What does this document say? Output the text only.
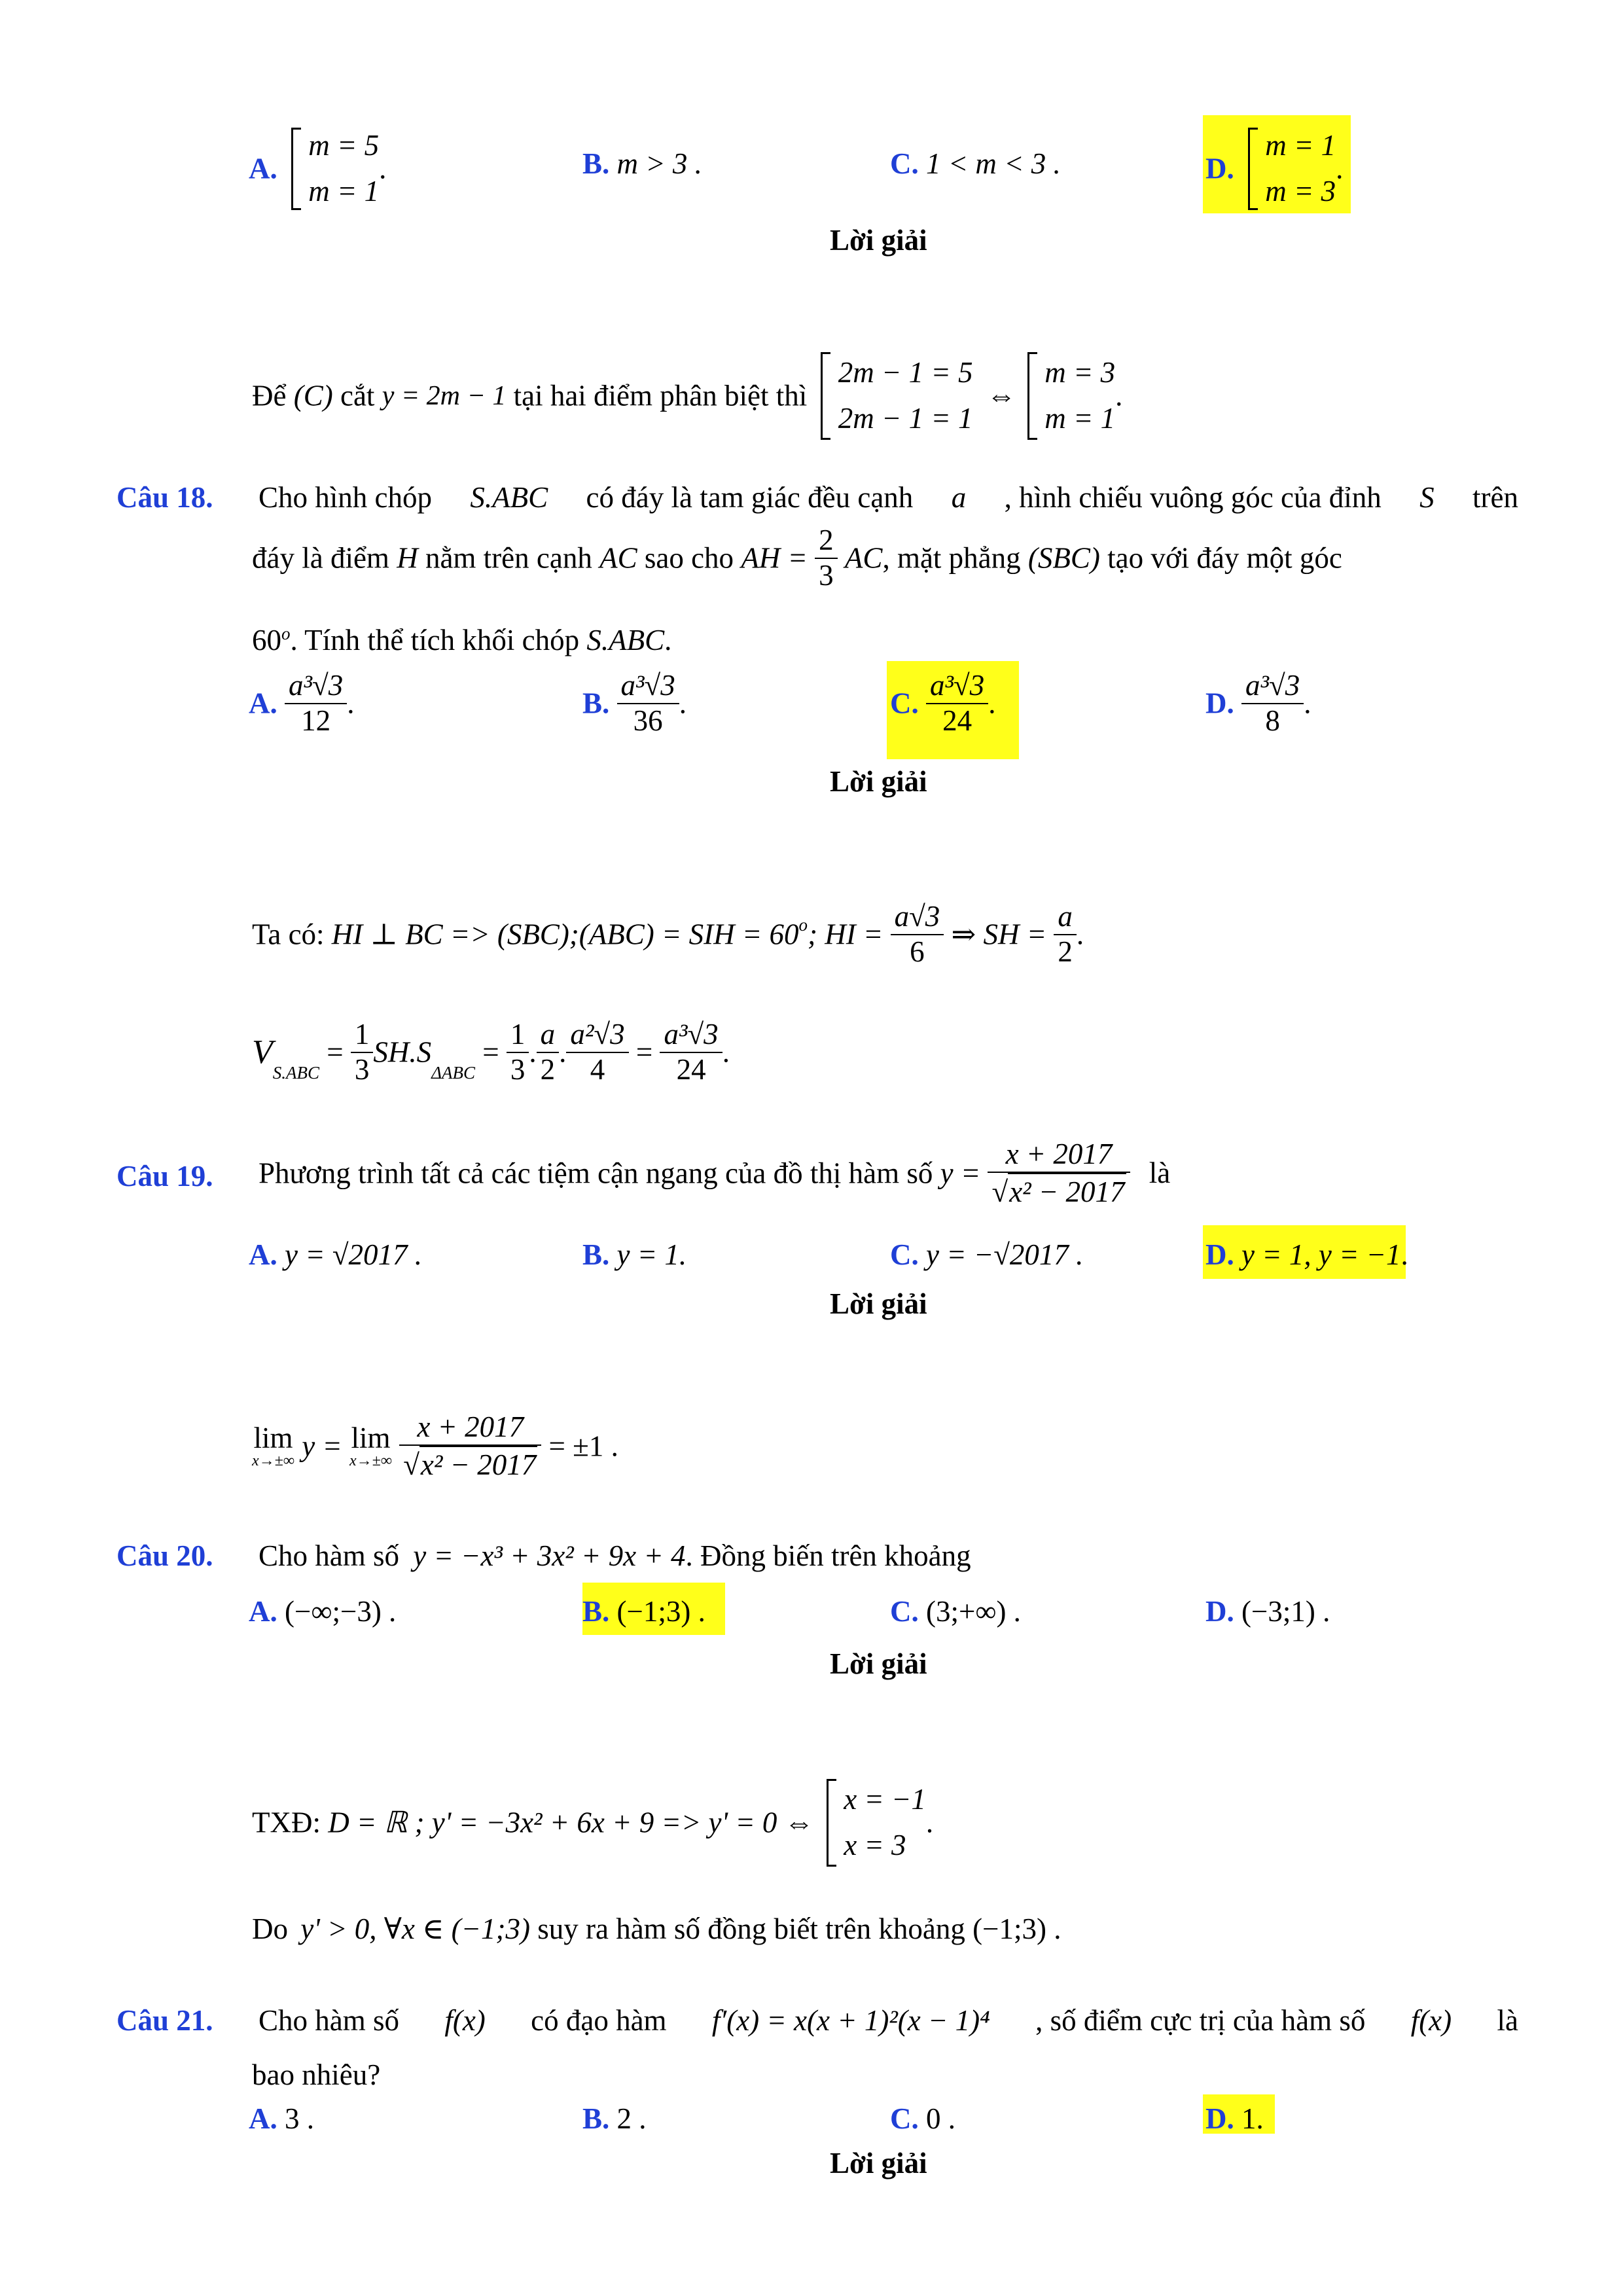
A.
m = 5
m = 1
.	B. m > 3 .	C. 1 < m < 3 .	D.
m = 1
m = 3
.
Lời giải
Để (C) cắt y = 2m − 1 tại hai điểm phân biệt thì
2m − 1 = 5
2m − 1 = 1
⇔
m = 3
m = 1
.
Câu 18. Cho hình chóp S.ABC có đáy là tam giác đều cạnh a , hình chiếu vuông góc của đỉnh S trên
đáy là điểm H nằm trên cạnh AC sao cho AH = $\frac{2}{3}$ AC, mặt phẳng (SBC) tạo với đáy một góc
60$^o$. Tính thể tích khối chóp S.ABC.
A. $\frac{\text{a³√3}}{12}$ .	B. $\frac{\text{a³√3}}{36}$ .	C. $\frac{\text{a³√3}}{24}$ .	D. $\frac{\text{a³√3}}{8}$ .
Lời giải
Ta có: HI ⊥ BC => (SBC);(ABC) = SIH = $60^o$; HI = $\frac{a√3}{6}$ ⇒ SH = $\frac{a}{2}$ .
$V_{S.ABC} = \frac{1}{3} SH.S_{\Delta ABC} = \frac{1}{3}$ . $\frac{a}{2}$ . $\frac{\text{a²√3}}{4} = \frac{\text{a³√3}}{24}$ .
Câu 19. Phương trình tất cả các tiệm cận ngang của đồ thị hàm số $y = \frac{x + 2017}{\text{√x² − 2017}}$ là
A. y = √2017 .	B. y = 1.	C. y = −√2017 .	D. y = 1, y = −1.
Lời giải
lim
x→±∞ y = lim
x→±∞
$\frac{x + 2017}{\text{√x² − 2017}} = \pm 1$ .
Câu 20. Cho hàm số y = −x³ + 3x² + 9x + 4. Đồng biến trên khoảng
A. (−∞;−3) .	B. (−1;3) .	C. (3;+∞) .	D. (−3;1) .
Lời giải
TXĐ: D = ℝ ; y' = −3x² + 6x + 9 => y' = 0 ⇔
x = −1
x = 3
.
Do y' > 0, ∀x ∈ (−1;3) suy ra hàm số đồng biết trên khoảng (−1;3) .
Câu 21. Cho hàm số f(x) có đạo hàm f′(x) = x(x + 1)²(x − 1)⁴ , số điểm cực trị của hàm số f(x) là
bao nhiêu?
A. 3 .	B. 2 .	C. 0 .	D. 1.
Lời giải
